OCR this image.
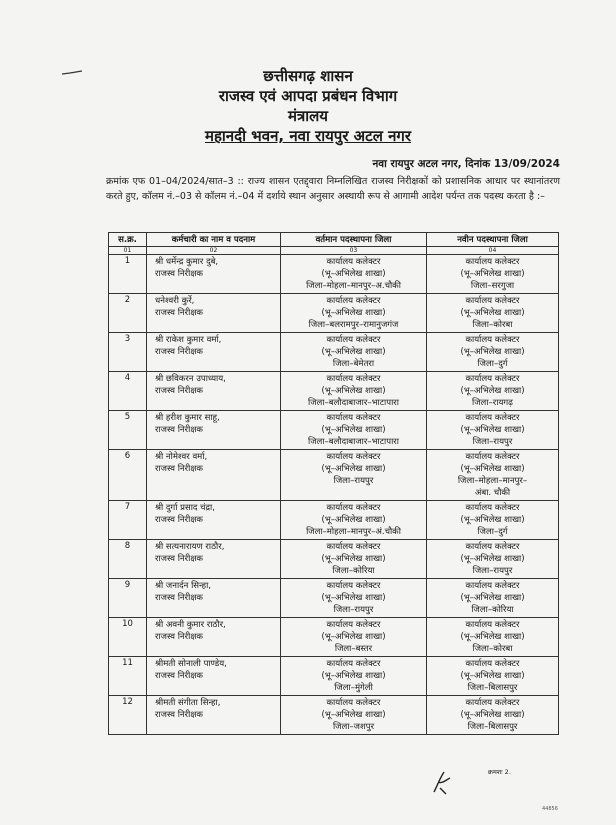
छत्तीसगढ़ शासन
राजस्व एवं आपदा प्रबंधन विभाग
मंत्रालय
महानदी भवन, नवा रायपुर अटल नगर
नवा रायपुर अटल नगर, दिनांक 13/09/2024
क्रमांक एफ 01–04/2024/सात–3 :: राज्य शासन एतद्द्वारा निम्नलिखित राजस्व निरीक्षकों को प्रशासनिक आधार पर स्थानांतरण करते हुए, कॉलम नं.–03 से कॉलम नं.–04 में दर्शाये स्थान अनुसार अस्थायी रूप से आगामी आदेश पर्यन्त तक पदस्थ करता है :–
स.क्र.	कर्मचारी का नाम व पदनाम	वर्तमान पदस्थापना जिला	नवीन पदस्थापना जिला
01	02	03	04
1	श्री धर्मेन्द्र कुमार दुबे,
राजस्व निरीक्षक	कार्यालय कलेक्टर
(भू–अभिलेख शाखा)
जिला–मोहला–मानपुर–अ.चौकी	कार्यालय कलेक्टर
(भू–अभिलेख शाखा)
जिला–सरगुजा

2	धनेश्वरी कुर्रे,
राजस्व निरीक्षक	कार्यालय कलेक्टर
(भू–अभिलेख शाखा)
जिला–बलरामपुर–रामानुजगंज	कार्यालय कलेक्टर
(भू–अभिलेख शाखा)
जिला–कोरबा

3	श्री राकेश कुमार वर्मा,
राजस्व निरीक्षक	कार्यालय कलेक्टर
(भू–अभिलेख शाखा)
जिला–बेमेतरा	कार्यालय कलेक्टर
(भू–अभिलेख शाखा)
जिला–दुर्ग

4	श्री छविकरन उपाध्याय,
राजस्व निरीक्षक	कार्यालय कलेक्टर
(भू–अभिलेख शाखा)
जिला–बलौदाबाजार–भाटापारा	कार्यालय कलेक्टर
(भू–अभिलेख शाखा)
जिला–रायगढ़

5	श्री हरीश कुमार साहू,
राजस्व निरीक्षक	कार्यालय कलेक्टर
(भू–अभिलेख शाखा)
जिला–बलौदाबाजार–भाटापारा	कार्यालय कलेक्टर
(भू–अभिलेख शाखा)
जिला–रायपुर

6	श्री नोमेश्वर वर्मा,
राजस्व निरीक्षक	कार्यालय कलेक्टर
(भू–अभिलेख शाखा)
जिला–रायपुर	कार्यालय कलेक्टर
(भू–अभिलेख शाखा)
जिला–मोहला–मानपुर–
अंबा. चौकी

7	श्री दुर्गा प्रसाद चंद्रा,
राजस्व निरीक्षक	कार्यालय कलेक्टर
(भू–अभिलेख शाखा)
जिला–मोहला–मानपुर–अं.चौकी	कार्यालय कलेक्टर
(भू–अभिलेख शाखा)
जिला–दुर्ग

8	श्री सत्यनारायण राठौर,
राजस्व निरीक्षक	कार्यालय कलेक्टर
(भू–अभिलेख शाखा)
जिला–कोरिया	कार्यालय कलेक्टर
(भू–अभिलेख शाखा)
जिला–रायपुर

9	श्री जनार्दन सिन्हा,
राजस्व निरीक्षक	कार्यालय कलेक्टर
(भू–अभिलेख शाखा)
जिला–रायपुर	कार्यालय कलेक्टर
(भू–अभिलेख शाखा)
जिला–कोरिया

10	श्री अवनी कुमार राठौर,
राजस्व निरीक्षक	कार्यालय कलेक्टर
(भू–अभिलेख शाखा)
जिला–बस्तर	कार्यालय कलेक्टर
(भू–अभिलेख शाखा)
जिला–कोरबा

11	श्रीमती सोनाली पाण्डेय,
राजस्व निरीक्षक	कार्यालय कलेक्टर
(भू–अभिलेख शाखा)
जिला–मुंगेली	कार्यालय कलेक्टर
(भू–अभिलेख शाखा)
जिला–बिलासपुर

12	श्रीमती संगीता सिन्हा,
राजस्व निरीक्षक	कार्यालय कलेक्टर
(भू–अभिलेख शाखा)
जिला–जशपुर	कार्यालय कलेक्टर
(भू–अभिलेख शाखा)
जिला–बिलासपुर
क्रमशः 2.
44856
